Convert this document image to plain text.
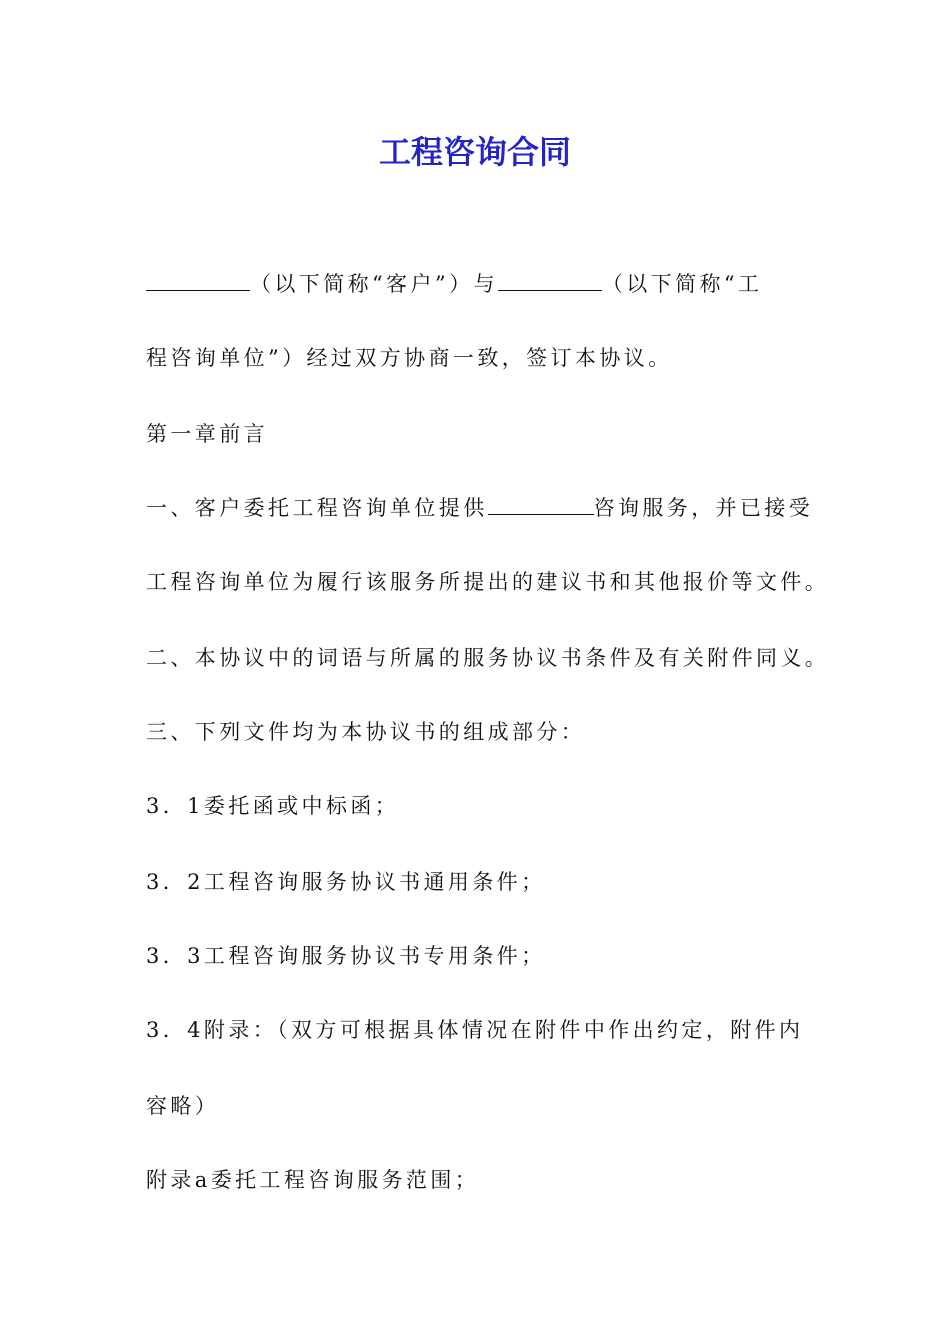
工程咨询合同
（以下简称“客户”）与	（以下简称“工
程咨询单位”）经过双方协商一致，签订本协议。
第一章前言
一、客户委托工程咨询单位提供	咨询服务，并已接受
工程咨询单位为履行该服务所提出的建议书和其他报价等文件。
二、本协议中的词语与所属的服务协议书条件及有关附件同义。
三、下列文件均为本协议书的组成部分：
3．1委托函或中标函；
3．2工程咨询服务协议书通用条件；
3．3工程咨询服务协议书专用条件；
3．4附录：（双方可根据具体情况在附件中作出约定，附件内
容略）
附录a委托工程咨询服务范围；
